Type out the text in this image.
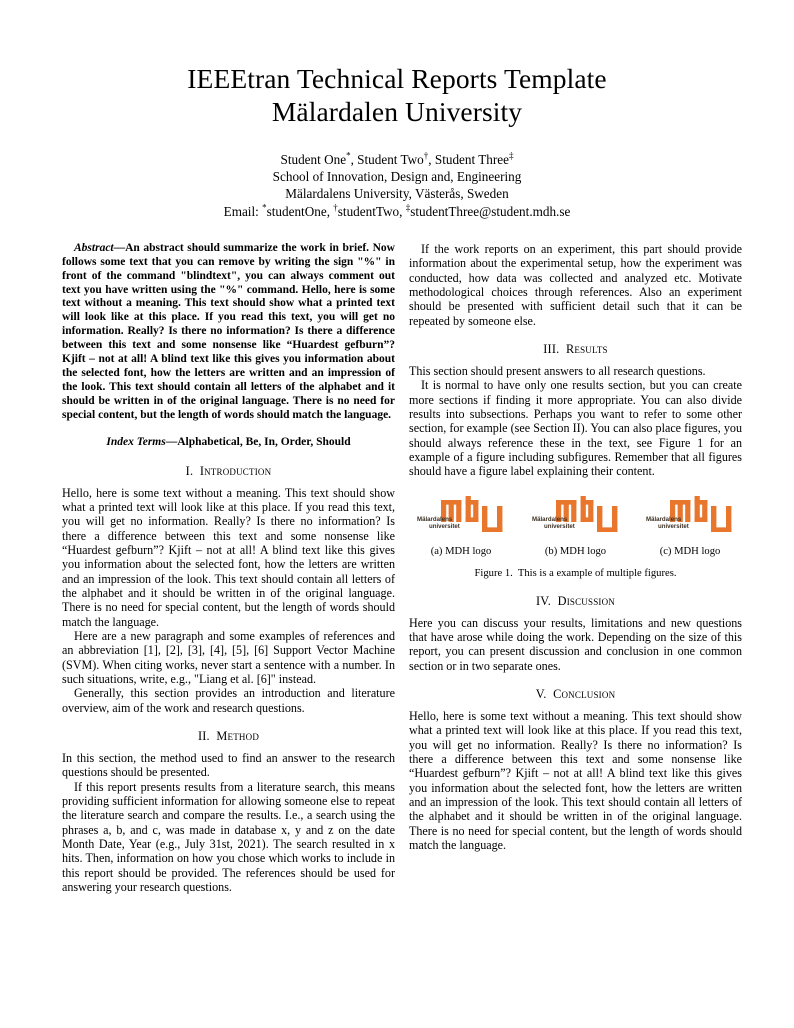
IEEEtran Technical Reports Template
Mälardalen University
Student One*, Student Two†, Student Three‡
School of Innovation, Design and, Engineering
Mälardalens University, Västerås, Sweden
Email: *studentOne, †studentTwo, ‡studentThree@student.mdh.se

Abstract—An abstract should summarize the work in brief. Now follows some text that you can remove by writing the sign "%" in front of the command "blindtext", you can always comment out text you have written using the "%" command. Hello, here is some text without a meaning. This text should show what a printed text will look like at this place. If you read this text, you will get no information. Really? Is there no information? Is there a difference between this text and some nonsense like “Huardest gefburn”? Kjift – not at all! A blind text like this gives you information about the selected font, how the letters are written and an impression of the look. This text should contain all letters of the alphabet and it should be written in of the original language. There is no need for special content, but the length of words should match the language.

Index Terms—Alphabetical, Be, In, Order, Should

I. Introduction

Hello, here is some text without a meaning. This text should show what a printed text will look like at this place. If you read this text, you will get no information. Really? Is there no information? Is there a difference between this text and some nonsense like “Huardest gefburn”? Kjift – not at all! A blind text like this gives you information about the selected font, how the letters are written and an impression of the look. This text should contain all letters of the alphabet and it should be written in of the original language. There is no need for special content, but the length of words should match the language.

Here are a new paragraph and some examples of references and an abbreviation [1], [2], [3], [4], [5], [6] Support Vector Machine (SVM). When citing works, never start a sentence with a number. In such situations, write, e.g., "Liang et al. [6]" instead.

Generally, this section provides an introduction and literature overview, aim of the work and research questions.

II. Method

In this section, the method used to find an answer to the research questions should be presented.

If this report presents results from a literature search, this means providing sufficient information for allowing someone else to repeat the literature search and compare the results. I.e., a search using the phrases a, b, and c, was made in database x, y and z on the date Month Date, Year (e.g., July 31st, 2021). The search resulted in x hits. Then, information on how you chose which works to include in this report should be provided. The references should be used for answering your research questions.

If the work reports on an experiment, this part should provide information about the experimental setup, how the experiment was conducted, how data was collected and analyzed etc. Motivate methodological choices through references. Also an experiment should be presented with sufficient detail such that it can be repeated by someone else.

III. Results

This section should present answers to all research questions.

It is normal to have only one results section, but you can create more sections if finding it more appropriate. You can also divide results into subsections. Perhaps you want to refer to some other section, for example (see Section II). You can also place figures, you should always reference these in the text, see Figure 1 for an example of a figure including subfigures. Remember that all figures should have a figure label explaining their content.

Mälardalens
universitet
(a) MDH logo
Mälardalens
universitet
(b) MDH logo
Mälardalens
universitet
(c) MDH logo
Figure 1. This is a example of multiple figures.
IV. Discussion

Here you can discuss your results, limitations and new questions that have arose while doing the work. Depending on the size of this report, you can present discussion and conclusion in one common section or in two separate ones.

V. Conclusion

Hello, here is some text without a meaning. This text should show what a printed text will look like at this place. If you read this text, you will get no information. Really? Is there no information? Is there a difference between this text and some nonsense like “Huardest gefburn”? Kjift – not at all! A blind text like this gives you information about the selected font, how the letters are written and an impression of the look. This text should contain all letters of the alphabet and it should be written in of the original language. There is no need for special content, but the length of words should match the language.
